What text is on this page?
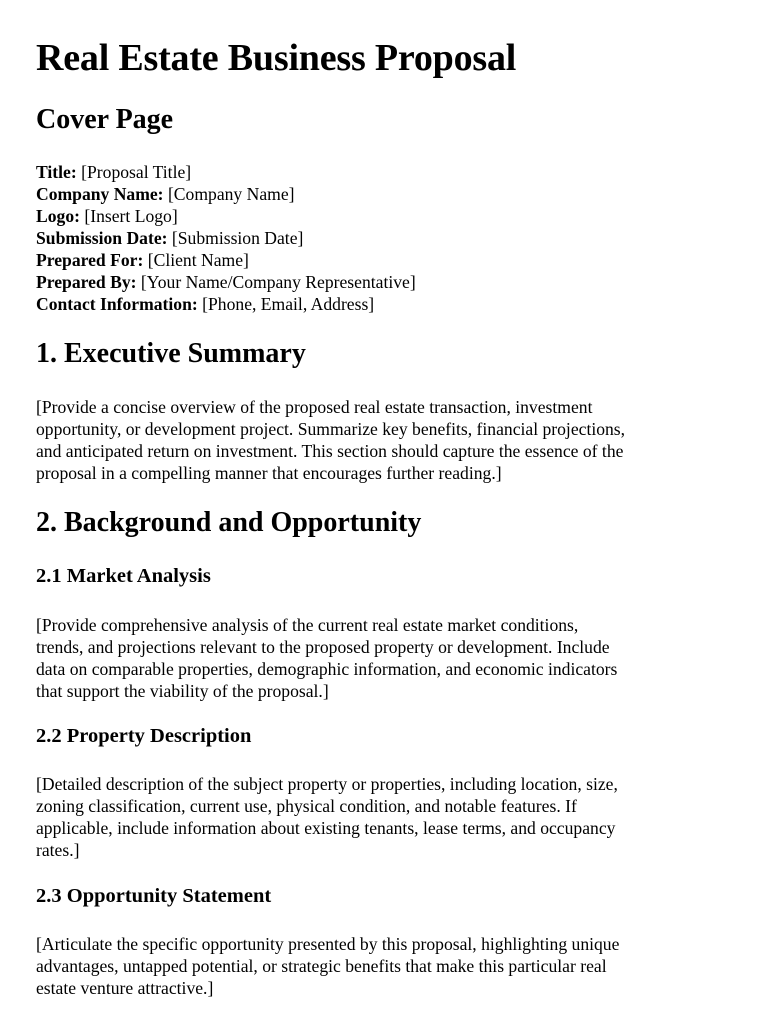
Real Estate Business Proposal
Cover Page
Title: [Proposal Title]
Company Name: [Company Name]
Logo: [Insert Logo]
Submission Date: [Submission Date]
Prepared For: [Client Name]
Prepared By: [Your Name/Company Representative]
Contact Information: [Phone, Email, Address]
1. Executive Summary

[Provide a concise overview of the proposed real estate transaction, investment
opportunity, or development project. Summarize key benefits, financial projections,
and anticipated return on investment. This section should capture the essence of the
proposal in a compelling manner that encourages further reading.]

2. Background and Opportunity
2.1 Market Analysis

[Provide comprehensive analysis of the current real estate market conditions,
trends, and projections relevant to the proposed property or development. Include
data on comparable properties, demographic information, and economic indicators
that support the viability of the proposal.]

2.2 Property Description

[Detailed description of the subject property or properties, including location, size,
zoning classification, current use, physical condition, and notable features. If
applicable, include information about existing tenants, lease terms, and occupancy
rates.]

2.3 Opportunity Statement

[Articulate the specific opportunity presented by this proposal, highlighting unique
advantages, untapped potential, or strategic benefits that make this particular real
estate venture attractive.]
